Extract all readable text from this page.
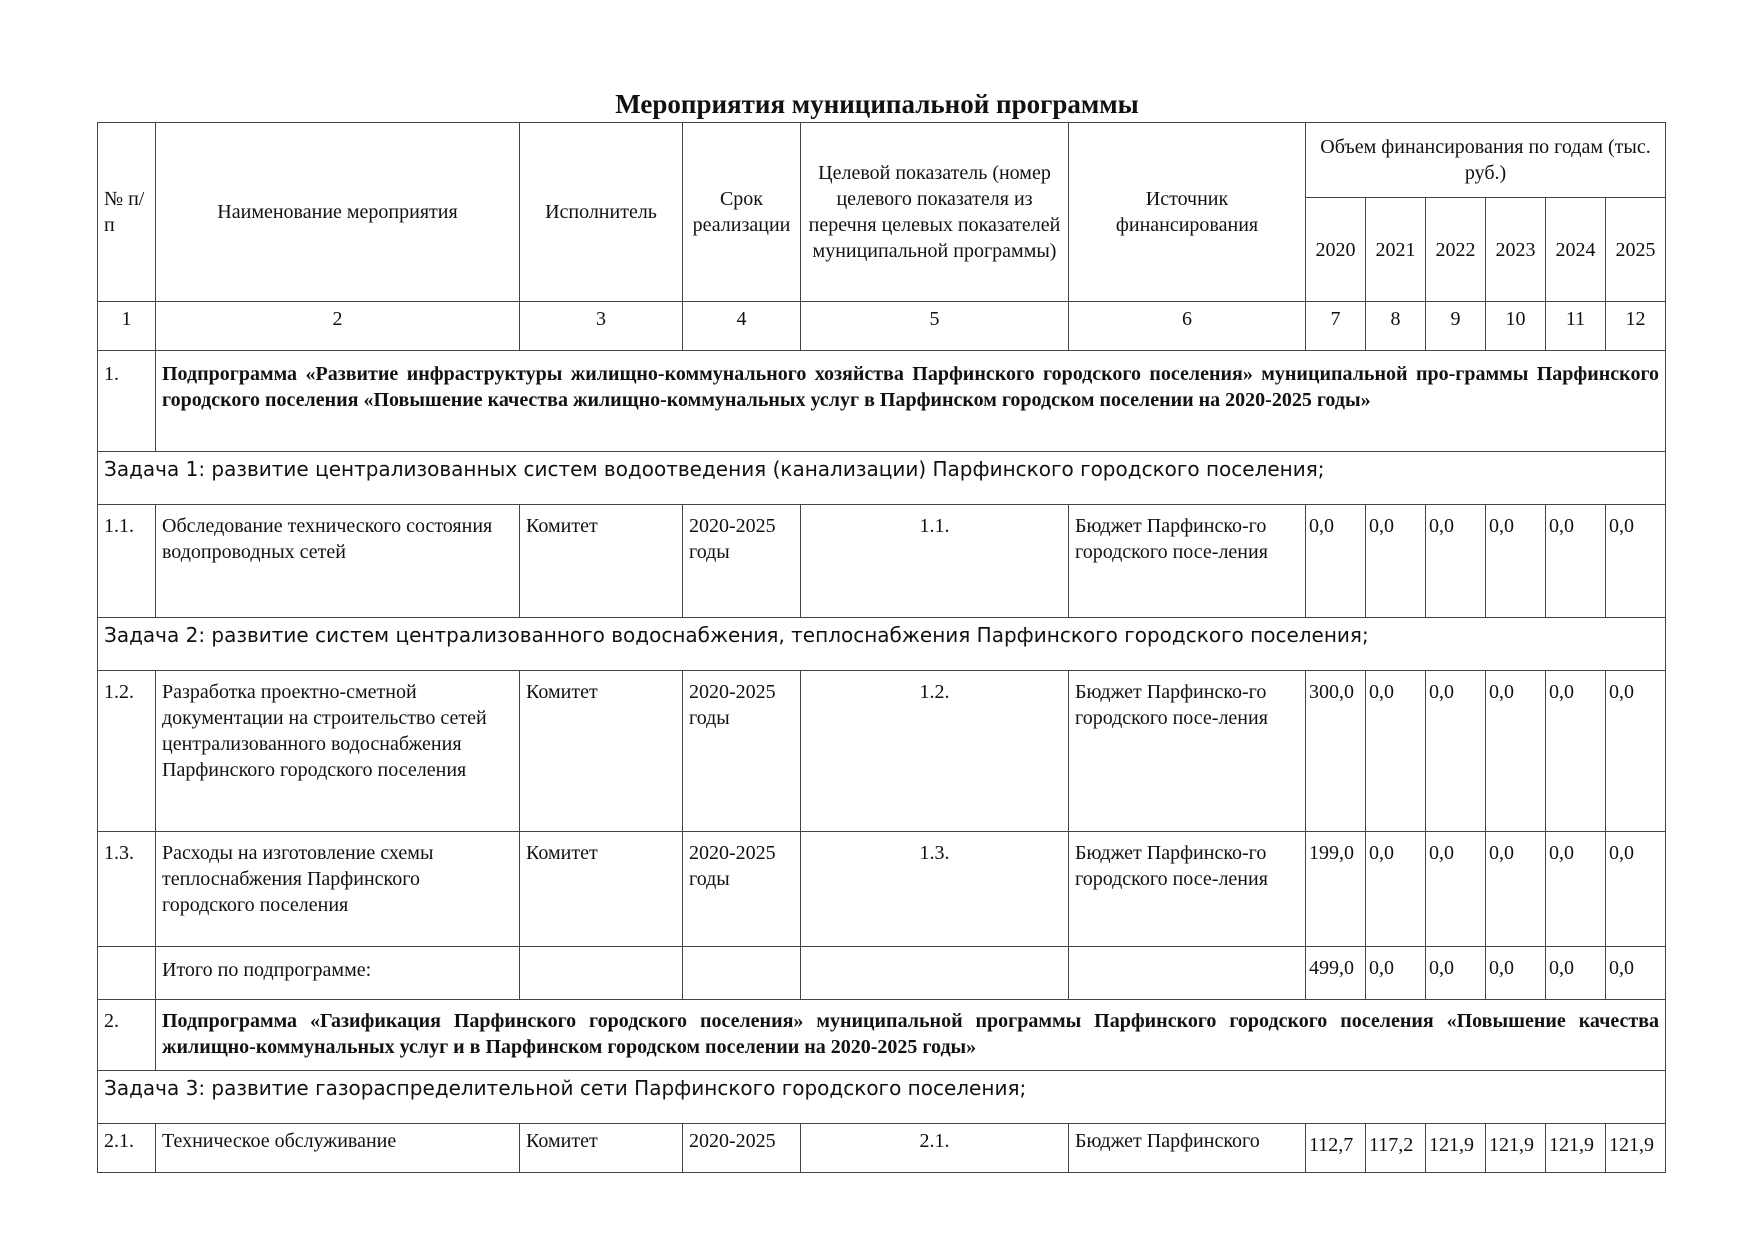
Мероприятия муниципальной программы
№ п/п	Наименование мероприятия	Исполнитель	Срок реализации	Целевой показатель (номер целевого показателя из перечня целевых показателей муниципальной программы)	Источник финансирования	Объем финансирования по годам (тыс. руб.)					
						2020	2021	2022	2023	2024	2025
1	2	3	4	5	6	7	8	9	10	11	12
1.	Подпрограмма «Развитие инфраструктуры жилищно-коммунального хозяйства Парфинского городского поселения» муниципальной про-граммы Парфинского городского поселения «Повышение качества жилищно-коммунальных услуг в Парфинском городском поселении на 2020-2025 годы»										
Задача 1: развитие централизованных систем водоотведения (канализации) Парфинского городского поселения;											
1.1.	Обследование технического состояния водопроводных сетей	Комитет	2020-2025 годы	1.1.	Бюджет Парфинско-го городского посе-ления	0,0	0,0	0,0	0,0	0,0	0,0
Задача 2: развитие систем централизованного водоснабжения, теплоснабжения Парфинского городского поселения;											
1.2.	Разработка проектно-сметной документации на строительство сетей централизованного водоснабжения Парфинского городского поселения	Комитет	2020-2025 годы	1.2.	Бюджет Парфинско-го городского посе-ления	300,0	0,0	0,0	0,0	0,0	0,0
1.3.	Расходы на изготовление схемы теплоснабжения Парфинского городского поселения	Комитет	2020-2025 годы	1.3.	Бюджет Парфинско-го городского посе-ления	199,0	0,0	0,0	0,0	0,0	0,0
	Итого по подпрограмме:					499,0	0,0	0,0	0,0	0,0	0,0
2.	Подпрограмма «Газификация Парфинского городского поселения» муниципальной программы Парфинского городского поселения «Повышение качества жилищно-коммунальных услуг и в Парфинском городском поселении на 2020-2025 годы»										
Задача 3: развитие газораспределительной сети Парфинского городского поселения;											
2.1.	Техническое обслуживание	Комитет	2020-2025	2.1.	Бюджет Парфинского	112,7	117,2	121,9	121,9	121,9	121,9
